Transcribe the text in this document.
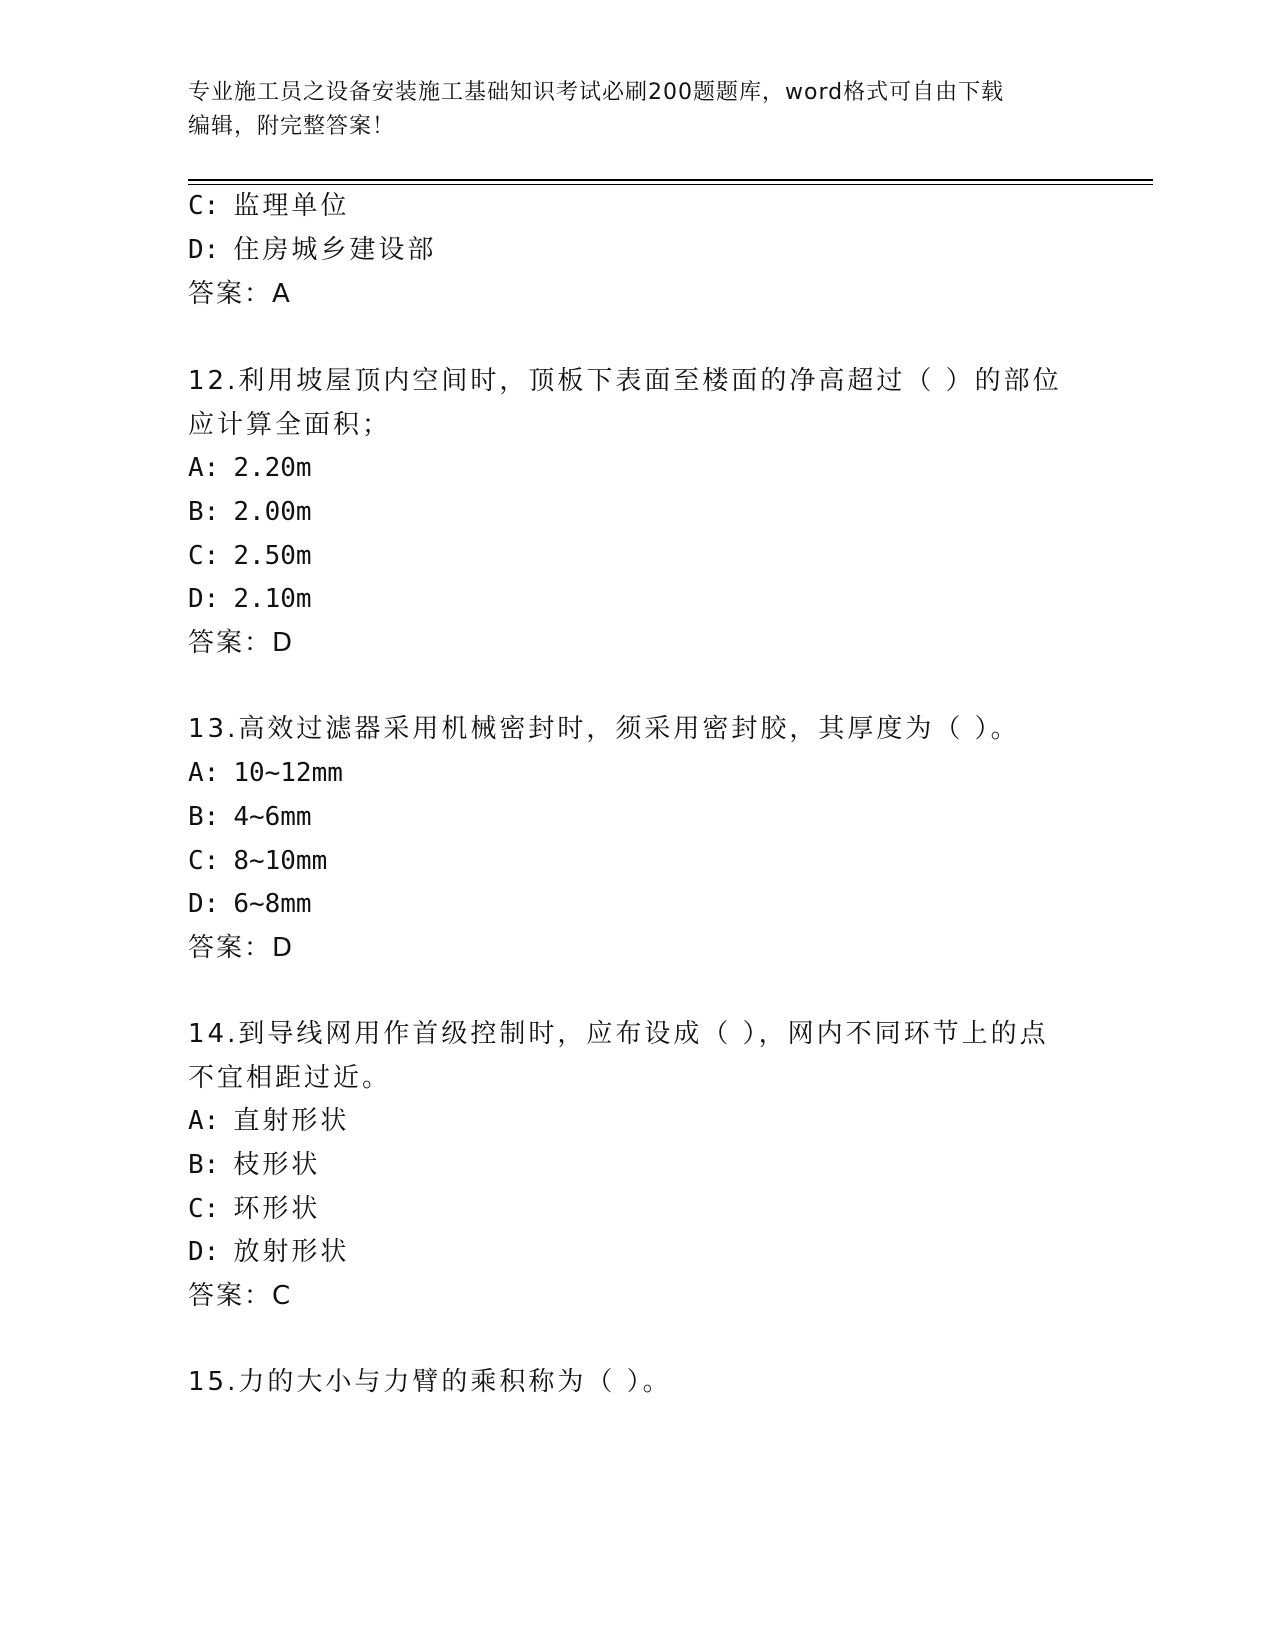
专业施工员之设备安装施工基础知识考试必刷200题题库，word格式可自由下载
编辑，附完整答案！
C: 监理单位
D: 住房城乡建设部
答案：A
12.利用坡屋顶内空间时，顶板下表面至楼面的净高超过（ ）的部位
应计算全面积；
A: 2.20m
B: 2.00m
C: 2.50m
D: 2.10m
答案：D
13.高效过滤器采用机械密封时，须采用密封胶，其厚度为（ ）。
A: 10~12mm
B: 4~6mm
C: 8~10mm
D: 6~8mm
答案：D
14.到导线网用作首级控制时，应布设成（ ），网内不同环节上的点
不宜相距过近。
A: 直射形状
B: 枝形状
C: 环形状
D: 放射形状
答案：C
15.力的大小与力臂的乘积称为（ ）。
